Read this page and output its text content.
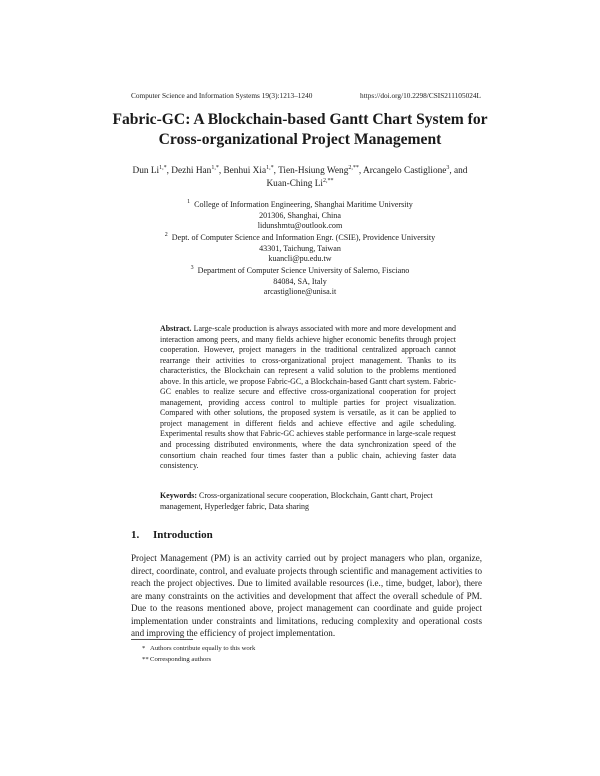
Computer Science and Information Systems 19(3):1213–1240	https://doi.org/10.2298/CSIS211105024L
Fabric-GC: A Blockchain-based Gantt Chart System for
Cross-organizational Project Management
Dun $Li^{1,*}$, Dezhi Han$^{1,*}$, Benhui Xia$^{1,*}$, Tien-Hsiung Weng$^{2,**}$, Arcangelo Castiglione$^3$, and Kuan-Ching $Li^{2,**}$
$^1$ College of Information Engineering, Shanghai Maritime University
201306, Shanghai, China
lidunshmtu@outlook.com
$^2$ Dept. of Computer Science and Information Engr. (CSIE), Providence University
43301, Taichung, Taiwan
kuancli@pu.edu.tw
$^3$ Department of Computer Science University of Salerno, Fisciano
84084, SA, Italy
arcastiglione@unisa.it
Abstract. Large-scale production is always associated with more and more development and interaction among peers, and many fields achieve higher economic benefits through project cooperation. However, project managers in the traditional centralized approach cannot rearrange their activities to cross-organizational project management. Thanks to its characteristics, the Blockchain can represent a valid solution to the problems mentioned above. In this article, we propose Fabric-GC, a Blockchain-based Gantt chart system. Fabric-GC enables to realize secure and effective cross-organizational cooperation for project management, providing access control to multiple parties for project visualization. Compared with other solutions, the proposed system is versatile, as it can be applied to project management in different fields and achieve effective and agile scheduling. Experimental results show that Fabric-GC achieves stable performance in large-scale request and processing distributed environments, where the data synchronization speed of the consortium chain reached four times faster than a public chain, achieving faster data consistency.
Keywords: Cross-organizational secure cooperation, Blockchain, Gantt chart, Project management, Hyperledger fabric, Data sharing
1. Introduction
Project Management (PM) is an activity carried out by project managers who plan, organize, direct, coordinate, control, and evaluate projects through scientific and management activities to reach the project objectives. Due to limited available resources (i.e., time, budget, labor), there are many constraints on the activities and development that affect the overall schedule of PM. Due to the reasons mentioned above, project management can coordinate and guide project implementation under constraints and limitations, reducing complexity and operational costs and improving the efficiency of project implementation.
* Authors contribute equally to this work
**Corresponding authors
